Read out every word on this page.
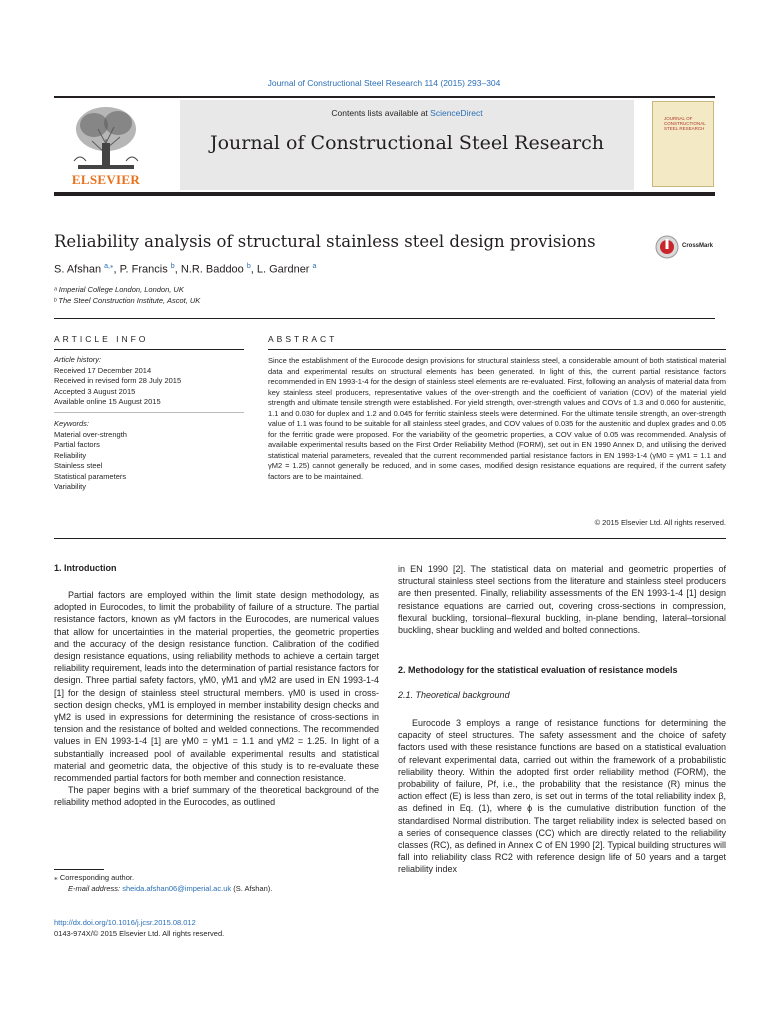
Journal of Constructional Steel Research 114 (2015) 293–304
ELSEVIER
Contents lists available at ScienceDirect
Journal of Constructional Steel Research
JOURNAL OF CONSTRUCTIONAL STEEL RESEARCH
Reliability analysis of structural stainless steel design provisions	CrossMark
S. Afshan $^{a,⁎}$, P. Francis $^b$, N.R. Baddoo $^b$, L. Gardner $^a$
ᵃ Imperial College London, London, UK
ᵇ The Steel Construction Institute, Ascot, UK
ARTICLE INFO
Article history:
Received 17 December 2014
Received in revised form 28 July 2015
Accepted 3 August 2015
Available online 15 August 2015
Keywords:
Material over-strength
Partial factors
Reliability
Stainless steel
Statistical parameters
Variability
ABSTRACT
Since the establishment of the Eurocode design provisions for structural stainless steel, a considerable amount of both statistical material data and experimental results on structural elements has been generated. In light of this, the current partial resistance factors recommended in EN 1993-1-4 for the design of stainless steel elements are re-evaluated. First, following an analysis of material data from key stainless steel producers, representative values of the over-strength and the coefficient of variation (COV) of the material yield strength and ultimate tensile strength were established. For yield strength, over-strength values and COVs of 1.3 and 0.060 for austenitic, 1.1 and 0.030 for duplex and 1.2 and 0.045 for ferritic stainless steels were determined. For the ultimate tensile strength, an over-strength value of 1.1 was found to be suitable for all stainless steel grades, and COV values of 0.035 for the austenitic and duplex grades and 0.05 for the ferritic grade were proposed. For the variability of the geometric properties, a COV value of 0.05 was recommended. Analysis of available experimental results based on the First Order Reliability Method (FORM), set out in EN 1990 Annex D, and utilising the derived statistical material parameters, revealed that the current recommended partial resistance factors in EN 1993-1-4 (γM0 = γM1 = 1.1 and γM2 = 1.25) cannot generally be reduced, and in some cases, modified design resistance equations are required, if the current safety factors are to be maintained.
© 2015 Elsevier Ltd. All rights reserved.
1. Introduction

Partial factors are employed within the limit state design methodology, as adopted in Eurocodes, to limit the probability of failure of a structure. The partial resistance factors, known as γM factors in the Eurocodes, are numerical values that allow for uncertainties in the material properties, the geometric properties and the accuracy of the design resistance function. Calibration of the codified design resistance equations, using reliability methods to achieve a certain target reliability requirement, leads into the determination of partial resistance factors for design. Three partial safety factors, γM0, γM1 and γM2 are used in EN 1993-1-4 [1] for the design of stainless steel structural members. γM0 is used in cross-section design checks, γM1 is employed in member instability design checks and γM2 is used in expressions for determining the resistance of cross-sections in tension and the resistance of bolted and welded connections. The recommended values in EN 1993-1-4 [1] are γM0 = γM1 = 1.1 and γM2 = 1.25. In light of a substantially increased pool of available experimental results and statistical material and geometric data, the objective of this study is to re-evaluate these recommended partial factors for both member and connection resistance.

The paper begins with a brief summary of the theoretical background of the reliability method adopted in the Eurocodes, as outlined

in EN 1990 [2]. The statistical data on material and geometric properties of structural stainless steel sections from the literature and stainless steel producers are then presented. Finally, reliability assessments of the EN 1993-1-4 [1] design resistance equations are carried out, covering cross-sections in compression, flexural buckling, torsional–flexural buckling, in-plane bending, lateral–torsional buckling, shear buckling and welded and bolted connections.

2. Methodology for the statistical evaluation of resistance models
2.1. Theoretical background

Eurocode 3 employs a range of resistance functions for determining the capacity of steel structures. The safety assessment and the choice of safety factors used with these resistance functions are based on a statistical evaluation of relevant experimental data, carried out within the framework of a probabilistic reliability theory. Within the adopted first order reliability method (FORM), the probability of failure, Pf, i.e., the probability that the resistance (R) minus the action effect (E) is less than zero, is set out in terms of the total reliability index β, as defined in Eq. (1), where ϕ is the cumulative distribution function of the standardised Normal distribution. The target reliability index is selected based on a series of consequence classes (CC) which are directly related to the reliability classes (RC), as defined in Annex C of EN 1990 [2]. Typical building structures will fall into reliability class RC2 with reference design life of 50 years and a target reliability index

⁎ Corresponding author.
E-mail address: sheida.afshan06@imperial.ac.uk (S. Afshan).
http://dx.doi.org/10.1016/j.jcsr.2015.08.012
0143-974X/© 2015 Elsevier Ltd. All rights reserved.
